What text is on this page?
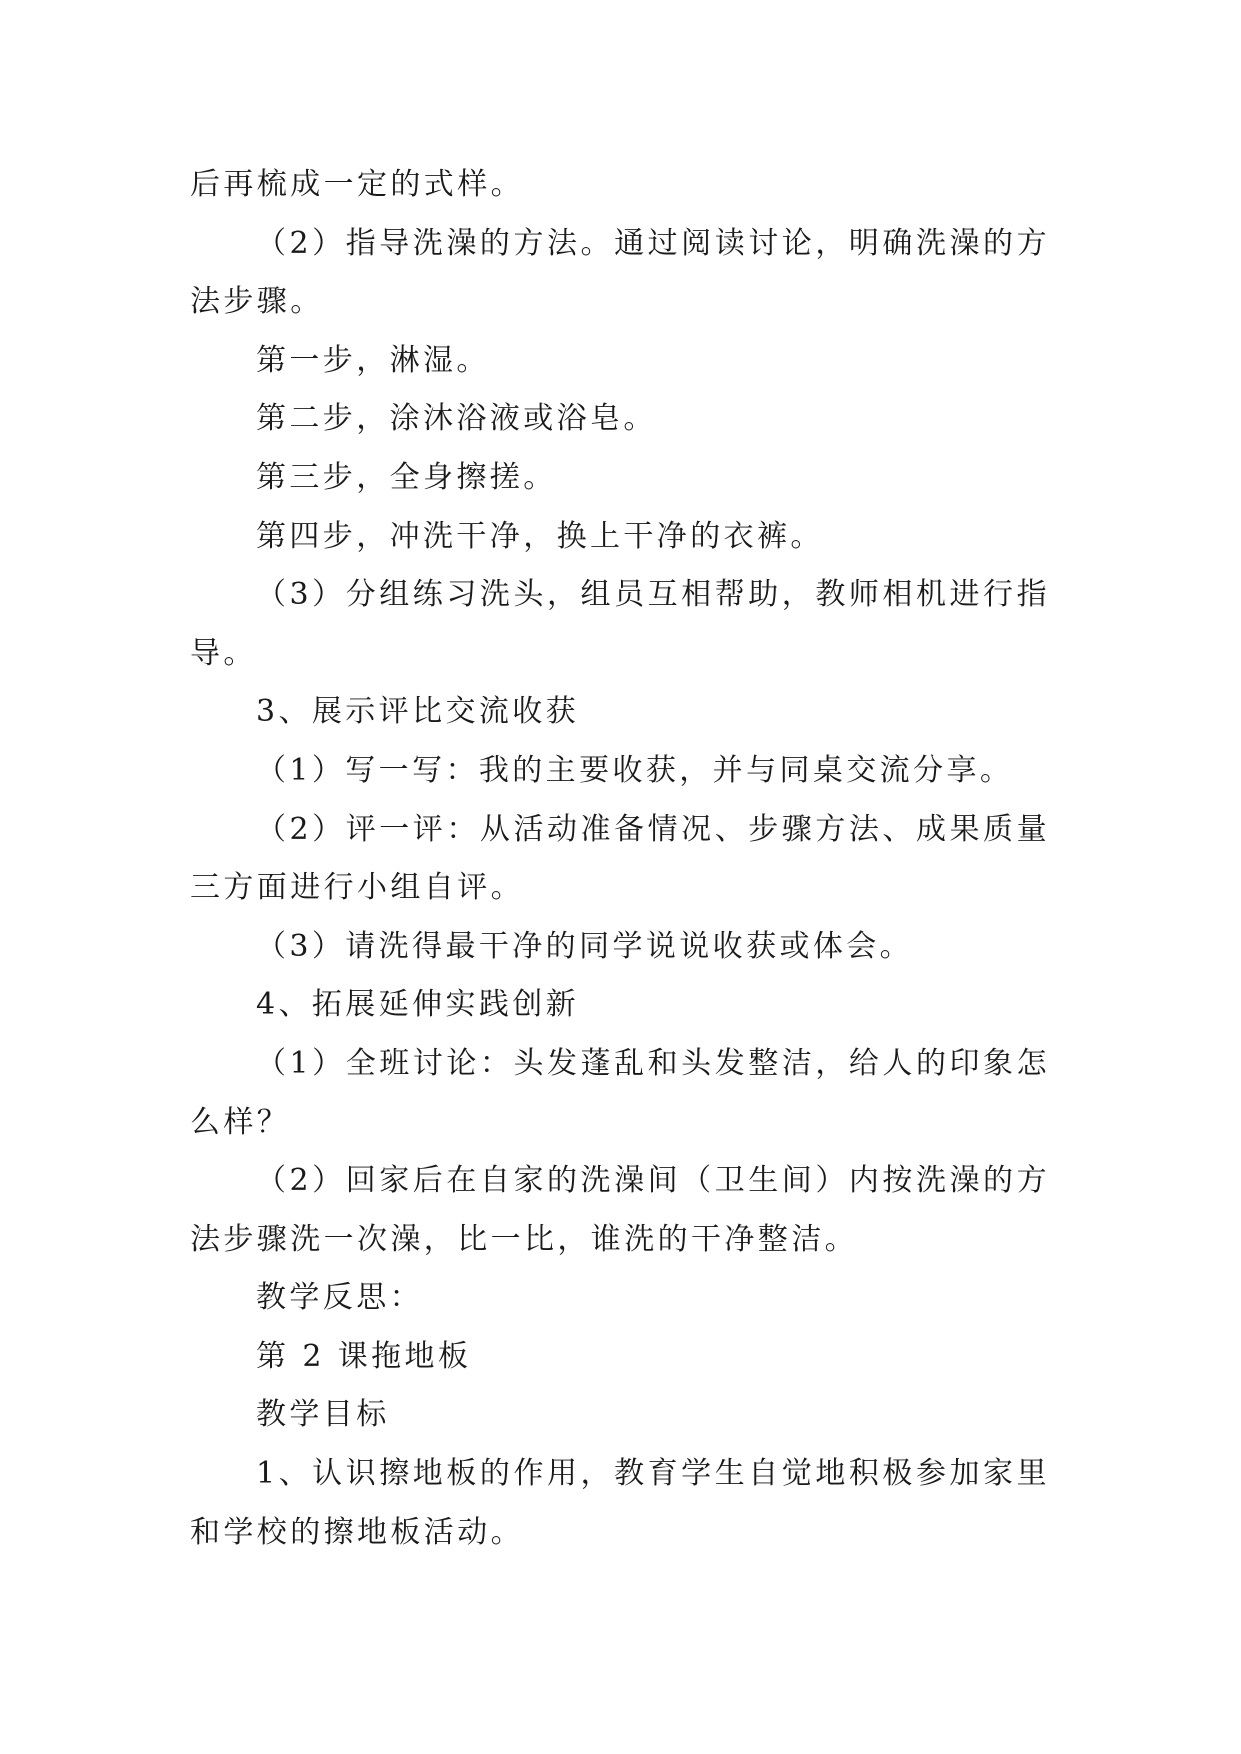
后再梳成一定的式样。

（2）指导洗澡的方法。通过阅读讨论，明确洗澡的方法步骤。

第一步，淋湿。

第二步，涂沐浴液或浴皂。

第三步，全身擦搓。

第四步，冲洗干净，换上干净的衣裤。

（3）分组练习洗头，组员互相帮助，教师相机进行指导。

3、展示评比交流收获

（1）写一写：我的主要收获，并与同桌交流分享。

（2）评一评：从活动准备情况、步骤方法、成果质量三方面进行小组自评。

（3）请洗得最干净的同学说说收获或体会。

4、拓展延伸实践创新

（1）全班讨论：头发蓬乱和头发整洁，给人的印象怎么样？

（2）回家后在自家的洗澡间（卫生间）内按洗澡的方法步骤洗一次澡，比一比，谁洗的干净整洁。

教学反思：

第 2 课拖地板

教学目标

1、认识擦地板的作用，教育学生自觉地积极参加家里和学校的擦地板活动。
